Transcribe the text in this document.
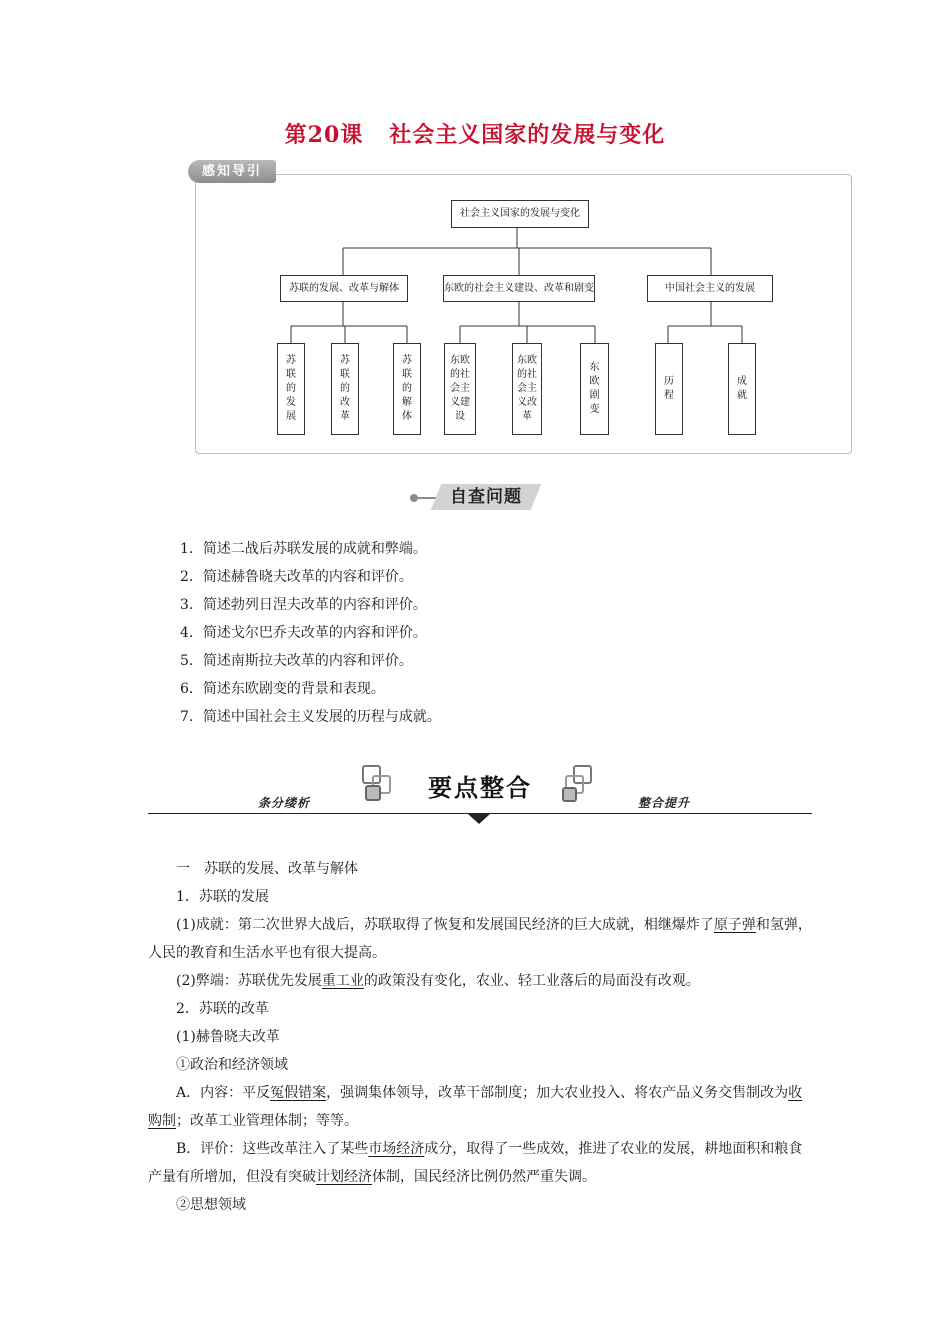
第20课 社会主义国家的发展与变化
感知导引
社会主义国家的发展与变化
苏联的发展、改革与解体	东欧的社会主义建设、改革和剧变	中国社会主义的发展
苏联的发展
苏联的改革
苏联的解体
东欧的社会主义建设
东欧的社会主义改革
东欧剧变
历程
成就
自查问题
1．简述二战后苏联发展的成就和弊端。
2．简述赫鲁晓夫改革的内容和评价。
3．简述勃列日涅夫改革的内容和评价。
4．简述戈尔巴乔夫改革的内容和评价。
5．简述南斯拉夫改革的内容和评价。
6．简述东欧剧变的背景和表现。
7．简述中国社会主义发展的历程与成就。
要点整合
条分缕析	整合提升

一　苏联的发展、改革与解体

1．苏联的发展

(1)成就：第二次世界大战后，苏联取得了恢复和发展国民经济的巨大成就，相继爆炸了原子弹和氢弹，人民的教育和生活水平也有很大提高。

(2)弊端：苏联优先发展重工业的政策没有变化，农业、轻工业落后的局面没有改观。

2．苏联的改革

(1)赫鲁晓夫改革

①政治和经济领域

A．内容：平反冤假错案，强调集体领导，改革干部制度；加大农业投入、将农产品义务交售制改为收购制；改革工业管理体制；等等。

B．评价：这些改革注入了某些市场经济成分，取得了一些成效，推进了农业的发展，耕地面积和粮食产量有所增加，但没有突破计划经济体制，国民经济比例仍然严重失调。

②思想领域
